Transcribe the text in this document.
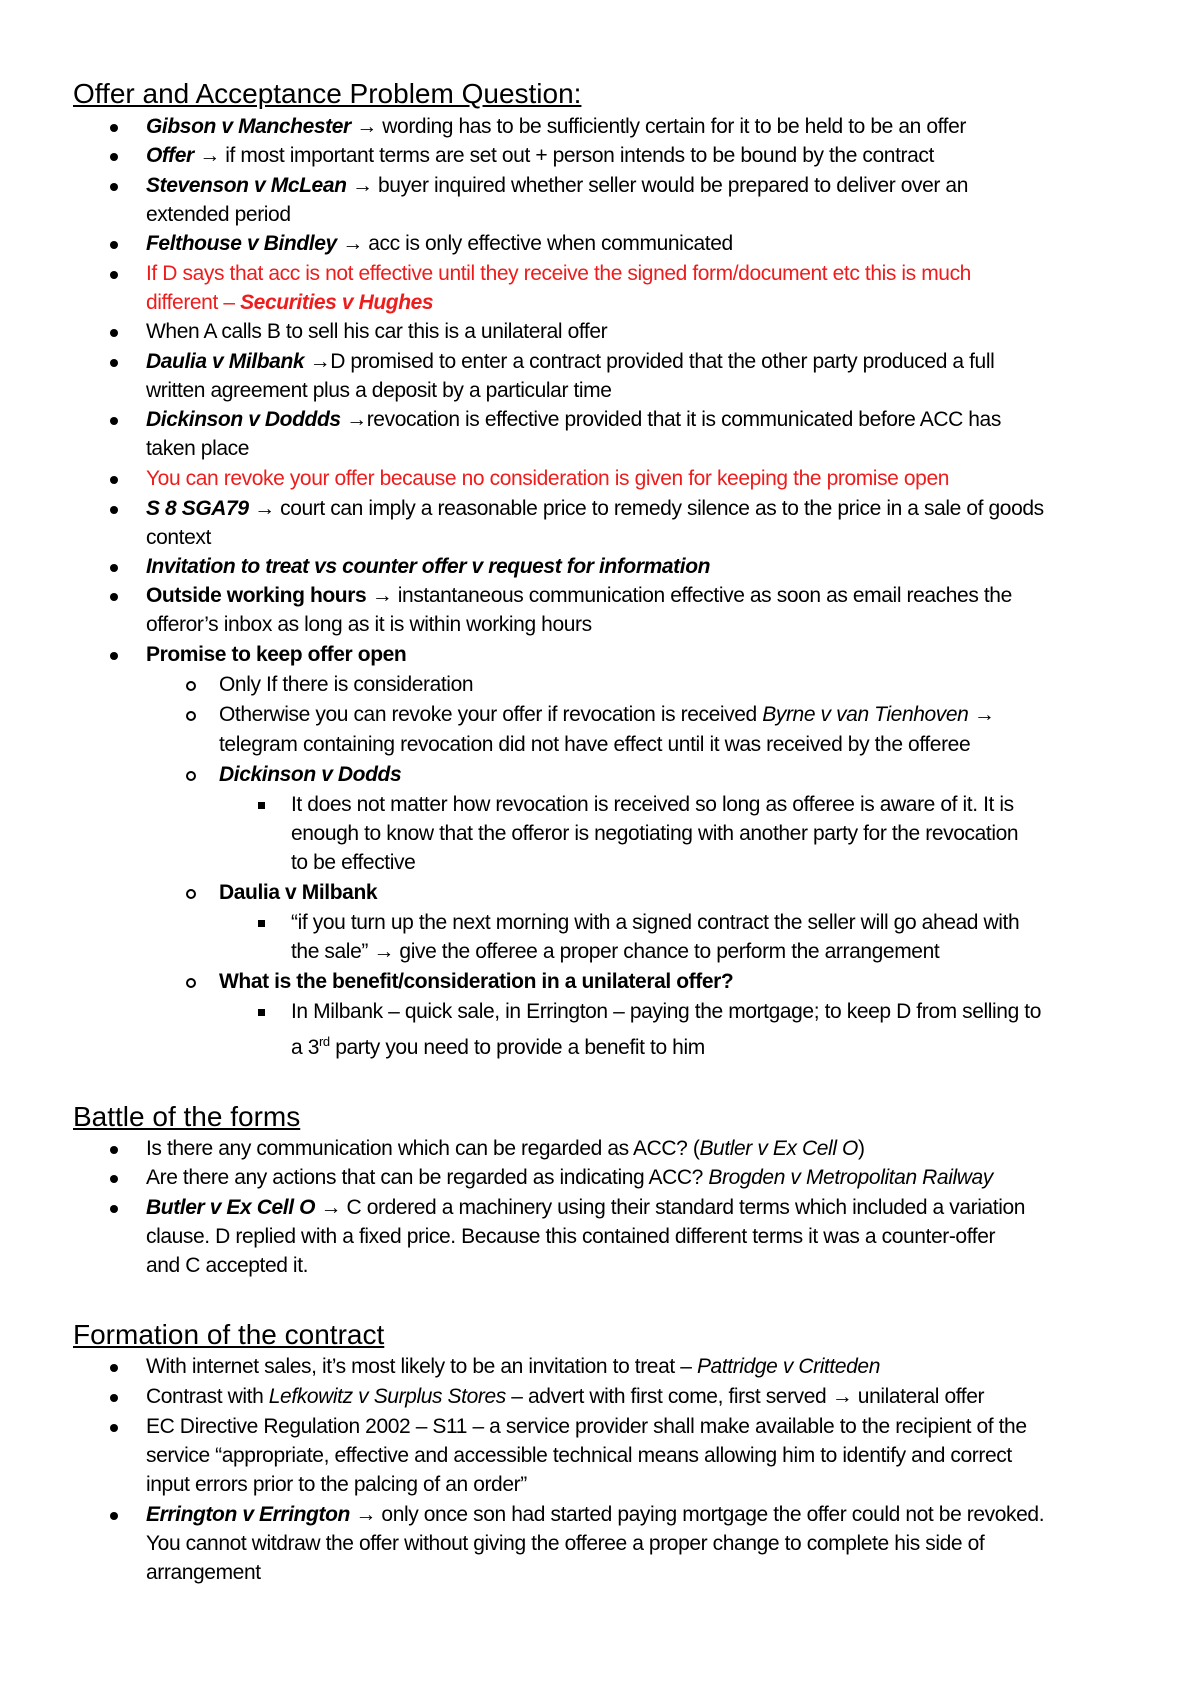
Offer and Acceptance Problem Question:
Gibson v Manchester → wording has to be sufficiently certain for it to be held to be an offer
Offer → if most important terms are set out + person intends to be bound by the contract
Stevenson v McLean → buyer inquired whether seller would be prepared to deliver over an
extended period
Felthouse v Bindley → acc is only effective when communicated
If D says that acc is not effective until they receive the signed form/document etc this is much
different – Securities v Hughes
When A calls B to sell his car this is a unilateral offer
Daulia v Milbank →D promised to enter a contract provided that the other party produced a full
written agreement plus a deposit by a particular time
Dickinson v Doddds →revocation is effective provided that it is communicated before ACC has
taken place
You can revoke your offer because no consideration is given for keeping the promise open
S 8 SGA79 → court can imply a reasonable price to remedy silence as to the price in a sale of goods
context
Invitation to treat vs counter offer v request for information
Outside working hours → instantaneous communication effective as soon as email reaches the
offeror’s inbox as long as it is within working hours
Promise to keep offer open
Only If there is consideration
Otherwise you can revoke your offer if revocation is received Byrne v van Tienhoven →
telegram containing revocation did not have effect until it was received by the offeree
Dickinson v Dodds
It does not matter how revocation is received so long as offeree is aware of it. It is
enough to know that the offeror is negotiating with another party for the revocation
to be effective
Daulia v Milbank
“if you turn up the next morning with a signed contract the seller will go ahead with
the sale” → give the offeree a proper chance to perform the arrangement
What is the benefit/consideration in a unilateral offer?
In Milbank – quick sale, in Errington – paying the mortgage; to keep D from selling to
a 3rd party you need to provide a benefit to him
Battle of the forms
Is there any communication which can be regarded as ACC? (Butler v Ex Cell O)
Are there any actions that can be regarded as indicating ACC? Brogden v Metropolitan Railway
Butler v Ex Cell O → C ordered a machinery using their standard terms which included a variation
clause. D replied with a fixed price. Because this contained different terms it was a counter-offer
and C accepted it.
Formation of the contract
With internet sales, it’s most likely to be an invitation to treat – Pattridge v Critteden
Contrast with Lefkowitz v Surplus Stores – advert with first come, first served → unilateral offer
EC Directive Regulation 2002 – S11 – a service provider shall make available to the recipient of the
service “appropriate, effective and accessible technical means allowing him to identify and correct
input errors prior to the palcing of an order”
Errington v Errington → only once son had started paying mortgage the offer could not be revoked.
You cannot witdraw the offer without giving the offeree a proper change to complete his side of
arrangement
